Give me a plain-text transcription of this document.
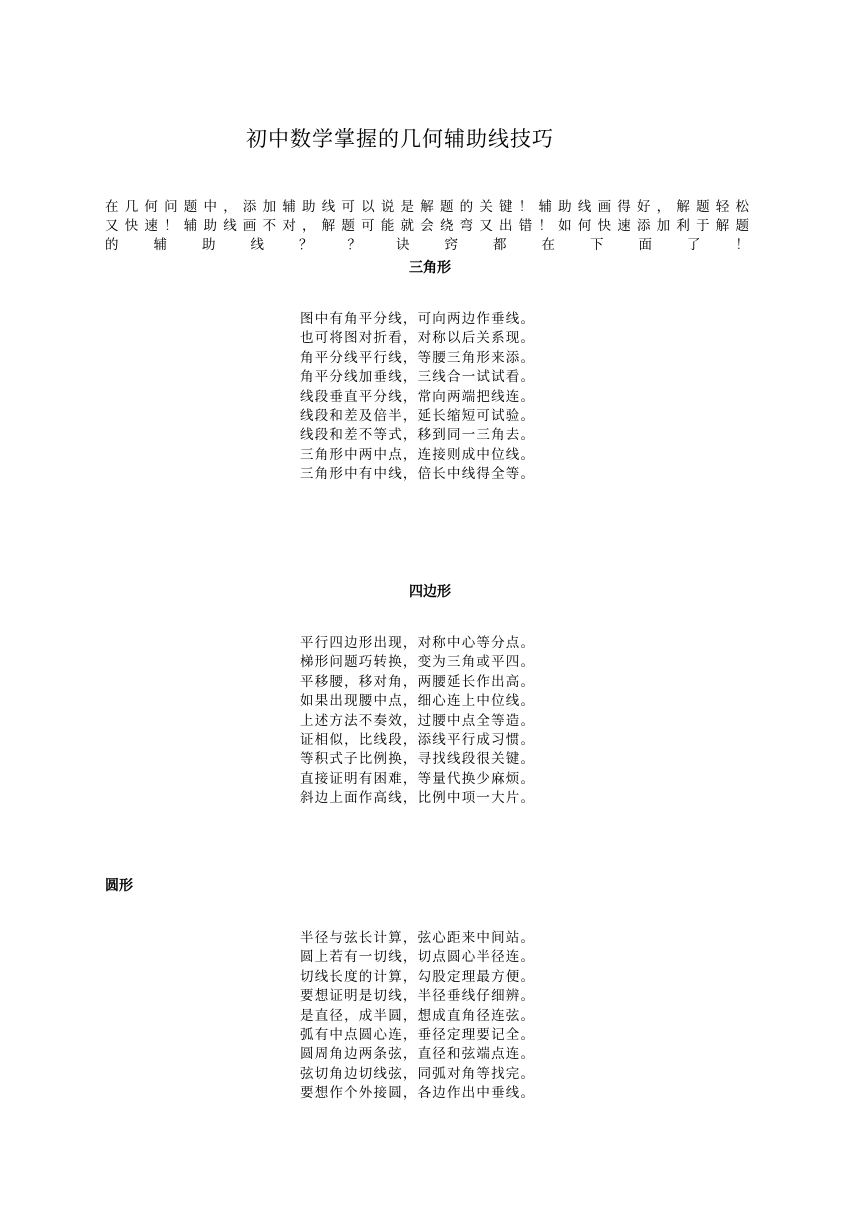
初中数学掌握的几何辅助线技巧

在几何问题中，添加辅助线可以说是解题的关键！辅助线画得好，解题轻松
又快速！辅助线画不对，解题可能就会绕弯又出错！如何快速添加利于解题
的辅助线？？诀窍都在下面了！

三角形
图中有角平分线，可向两边作垂线。
也可将图对折看，对称以后关系现。
角平分线平行线，等腰三角形来添。
角平分线加垂线，三线合一试试看。
线段垂直平分线，常向两端把线连。
线段和差及倍半，延长缩短可试验。
线段和差不等式，移到同一三角去。
三角形中两中点，连接则成中位线。
三角形中有中线，倍长中线得全等。
四边形
平行四边形出现，对称中心等分点。
梯形问题巧转换，变为三角或平四。
平移腰，移对角，两腰延长作出高。
如果出现腰中点，细心连上中位线。
上述方法不奏效，过腰中点全等造。
证相似，比线段，添线平行成习惯。
等积式子比例换，寻找线段很关键。
直接证明有困难，等量代换少麻烦。
斜边上面作高线，比例中项一大片。
圆形
半径与弦长计算，弦心距来中间站。
圆上若有一切线，切点圆心半径连。
切线长度的计算，勾股定理最方便。
要想证明是切线，半径垂线仔细辨。
是直径，成半圆，想成直角径连弦。
弧有中点圆心连，垂径定理要记全。
圆周角边两条弦，直径和弦端点连。
弦切角边切线弦，同弧对角等找完。
要想作个外接圆，各边作出中垂线。
